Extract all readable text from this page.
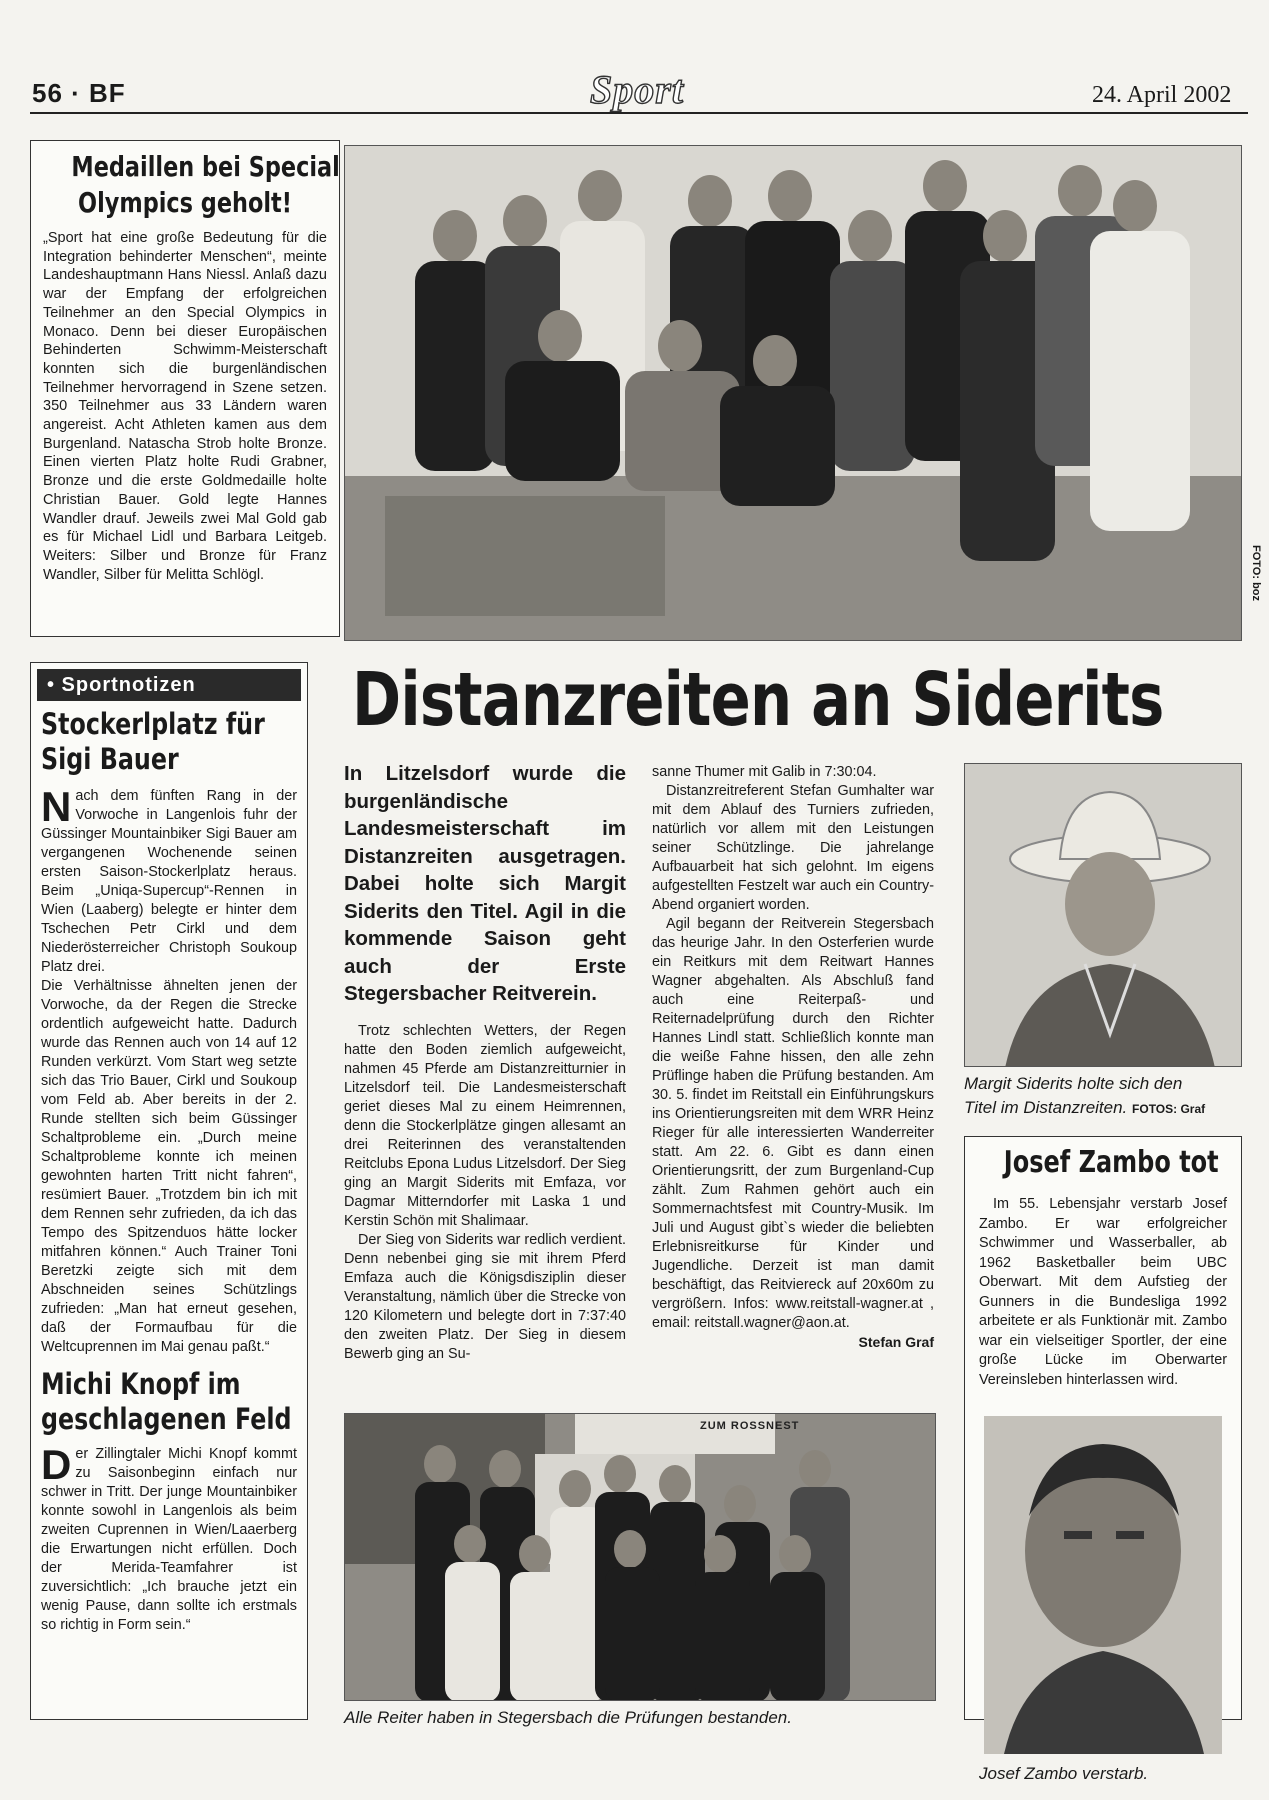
56 · BF	Sport	24. April 2002
Medaillen bei Special
Olympics geholt!
„Sport hat eine große Bedeutung für die Integration behinderter Menschen“, meinte Landeshauptmann Hans Niessl. Anlaß dazu war der Empfang der erfolgreichen Teilnehmer an den Special Olympics in Monaco. Denn bei dieser Europäischen Behinderten Schwimm-Meisterschaft konnten sich die burgenländischen Teilnehmer hervorragend in Szene setzen. 350 Teilnehmer aus 33 Ländern waren angereist. Acht Athleten kamen aus dem Burgenland. Natascha Strob holte Bronze. Einen vierten Platz holte Rudi Grabner, Bronze und die erste Goldmedaille holte Christian Bauer. Gold legte Hannes Wandler drauf. Jeweils zwei Mal Gold gab es für Michael Lidl und Barbara Leitgeb. Weiters: Silber und Bronze für Franz Wandler, Silber für Melitta Schlögl.	FOTO: boz
• Sportnotizen
Stockerlplatz für
Sigi Bauer
Nach dem fünften Rang in der Vorwoche in Langenlois fuhr der Güssinger Mountainbiker Sigi Bauer am vergangenen Wochenende seinen ersten Saison-Stockerlplatz heraus. Beim „Uniqa-Supercup“-Rennen in Wien (Laaberg) belegte er hinter dem Tschechen Petr Cirkl und dem Niederösterreicher Christoph Soukoup Platz drei.
Die Verhältnisse ähnelten jenen der Vorwoche, da der Regen die Strecke ordentlich aufgeweicht hatte. Dadurch wurde das Rennen auch von 14 auf 12 Runden verkürzt. Vom Start weg setzte sich das Trio Bauer, Cirkl und Soukoup vom Feld ab. Aber bereits in der 2. Runde stellten sich beim Güssinger Schaltprobleme ein. „Durch meine Schaltprobleme konnte ich meinen gewohnten harten Tritt nicht fahren“, resümiert Bauer. „Trotzdem bin ich mit dem Rennen sehr zufrieden, da ich das Tempo des Spitzenduos hätte locker mitfahren können.“ Auch Trainer Toni Beretzki zeigte sich mit dem Abschneiden seines Schützlings zufrieden: „Man hat erneut gesehen, daß der Formaufbau für die Weltcuprennen im Mai genau paßt.“
Michi Knopf im
geschlagenen Feld
Der Zillingtaler Michi Knopf kommt zu Saisonbeginn einfach nur schwer in Tritt. Der junge Mountainbiker konnte sowohl in Langenlois als beim zweiten Cuprennen in Wien/Laaerberg die Erwartungen nicht erfüllen. Doch der Merida-Teamfahrer ist zuversichtlich: „Ich brauche jetzt ein wenig Pause, dann sollte ich erstmals so richtig in Form sein.“
Distanzreiten an Siderits
In Litzelsdorf wurde die burgenländische Landesmeisterschaft im Distanzreiten ausgetragen. Dabei holte sich Margit Siderits den Titel. Agil in die kommende Saison geht auch der Erste Stegersbacher Reitverein.

Trotz schlechten Wetters, der Regen hatte den Boden ziemlich aufgeweicht, nahmen 45 Pferde am Distanzreitturnier in Litzelsdorf teil. Die Landesmeisterschaft geriet dieses Mal zu einem Heimrennen, denn die Stockerlplätze gingen allesamt an drei Reiterinnen des veranstaltenden Reitclubs Epona Ludus Litzelsdorf. Der Sieg ging an Margit Siderits mit Emfaza, vor Dagmar Mitterndorfer mit Laska 1 und Kerstin Schön mit Shalimaar.

Der Sieg von Siderits war redlich verdient. Denn nebenbei ging sie mit ihrem Pferd Emfaza auch die Königsdisziplin dieser Veranstaltung, nämlich über die Strecke von 120 Kilometern und belegte dort in 7:37:40 den zweiten Platz. Der Sieg in diesem Bewerb ging an Su-

sanne Thumer mit Galib in 7:30:04.

Distanzreitreferent Stefan Gumhalter war mit dem Ablauf des Turniers zufrieden, natürlich vor allem mit den Leistungen seiner Schützlinge. Die jahrelange Aufbauarbeit hat sich gelohnt. Im eigens aufgestellten Festzelt war auch ein Country-Abend organiert worden.

Agil begann der Reitverein Stegersbach das heurige Jahr. In den Osterferien wurde ein Reitkurs mit dem Reitwart Hannes Wagner abgehalten. Als Abschluß fand auch eine Reiterpaß- und Reiternadelprüfung durch den Richter Hannes Lindl statt. Schließlich konnte man die weiße Fahne hissen, den alle zehn Prüflinge haben die Prüfung bestanden. Am 30. 5. findet im Reitstall ein Einführungskurs ins Orientierungsreiten mit dem WRR Heinz Rieger für alle interessierten Wanderreiter statt. Am 22. 6. Gibt es dann einen Orientierungsritt, der zum Burgenland-Cup zählt. Zum Rahmen gehört auch ein Sommernachtsfest mit Country-Musik. Im Juli und August gibt`s wieder die beliebten Erlebnisreitkurse für Kinder und Jugendliche. Derzeit ist man damit beschäftigt, das Reitviereck auf 20x60m zu vergrößern. Infos: www.reitstall-wagner.at , email: reitstall.wagner@aon.at.

Stefan Graf

Margit Siderits holte sich den
Titel im Distanzreiten. FOTOS: Graf
Josef Zambo tot
Im 55. Lebensjahr verstarb Josef Zambo. Er war erfolgreicher Schwimmer und Wasserballer, ab 1962 Basketballer beim UBC Oberwart. Mit dem Aufstieg der Gunners in die Bundesliga 1992 arbeitete er als Funktionär mit. Zambo war ein vielseitiger Sportler, der eine große Lücke im Oberwarter Vereinsleben hinterlassen wird.
Josef Zambo verstarb.
ZUM ROSSNEST
Alle Reiter haben in Stegersbach die Prüfungen bestanden.
